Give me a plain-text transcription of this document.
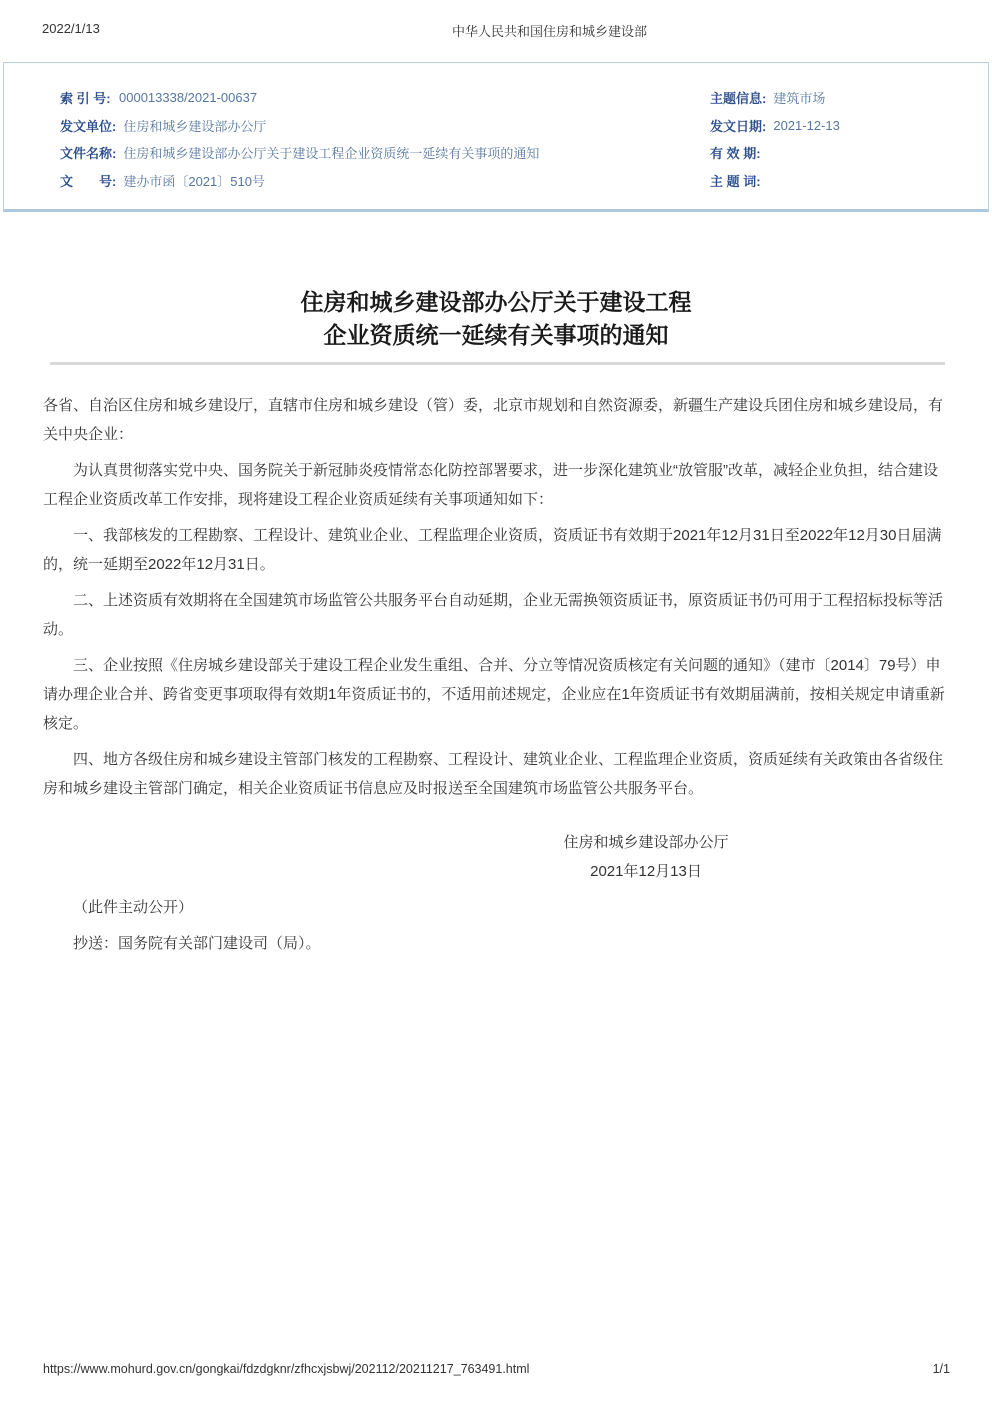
2022/1/13	中华人民共和国住房和城乡建设部
索 引 号: 000013338/2021-00637
发文单位: 住房和城乡建设部办公厅
文件名称: 住房和城乡建设部办公厅关于建设工程企业资质统一延续有关事项的通知
文　　号: 建办市函〔2021〕510号
主题信息: 建筑市场
发文日期: 2021-12-13
有 效 期:
主 题 词:
住房和城乡建设部办公厅关于建设工程
企业资质统一延续有关事项的通知

各省、自治区住房和城乡建设厅，直辖市住房和城乡建设（管）委，北京市规划和自然资源委，新疆生产建设兵团住房和城乡建设局，有关中央企业：

为认真贯彻落实党中央、国务院关于新冠肺炎疫情常态化防控部署要求，进一步深化建筑业“放管服”改革，减轻企业负担，结合建设工程企业资质改革工作安排，现将建设工程企业资质延续有关事项通知如下：

一、我部核发的工程勘察、工程设计、建筑业企业、工程监理企业资质，资质证书有效期于2021年12月31日至2022年12月30日届满的，统一延期至2022年12月31日。

二、上述资质有效期将在全国建筑市场监管公共服务平台自动延期，企业无需换领资质证书，原资质证书仍可用于工程招标投标等活动。

三、企业按照《住房城乡建设部关于建设工程企业发生重组、合并、分立等情况资质核定有关问题的通知》（建市〔2014〕79号）申请办理企业合并、跨省变更事项取得有效期1年资质证书的，不适用前述规定，企业应在1年资质证书有效期届满前，按相关规定申请重新核定。

四、地方各级住房和城乡建设主管部门核发的工程勘察、工程设计、建筑业企业、工程监理企业资质，资质延续有关政策由各省级住房和城乡建设主管部门确定，相关企业资质证书信息应及时报送至全国建筑市场监管公共服务平台。

住房和城乡建设部办公厅
2021年12月13日

（此件主动公开）

抄送：国务院有关部门建设司（局）。

https://www.mohurd.gov.cn/gongkai/fdzdgknr/zfhcxjsbwj/202112/20211217_763491.html	1/1
